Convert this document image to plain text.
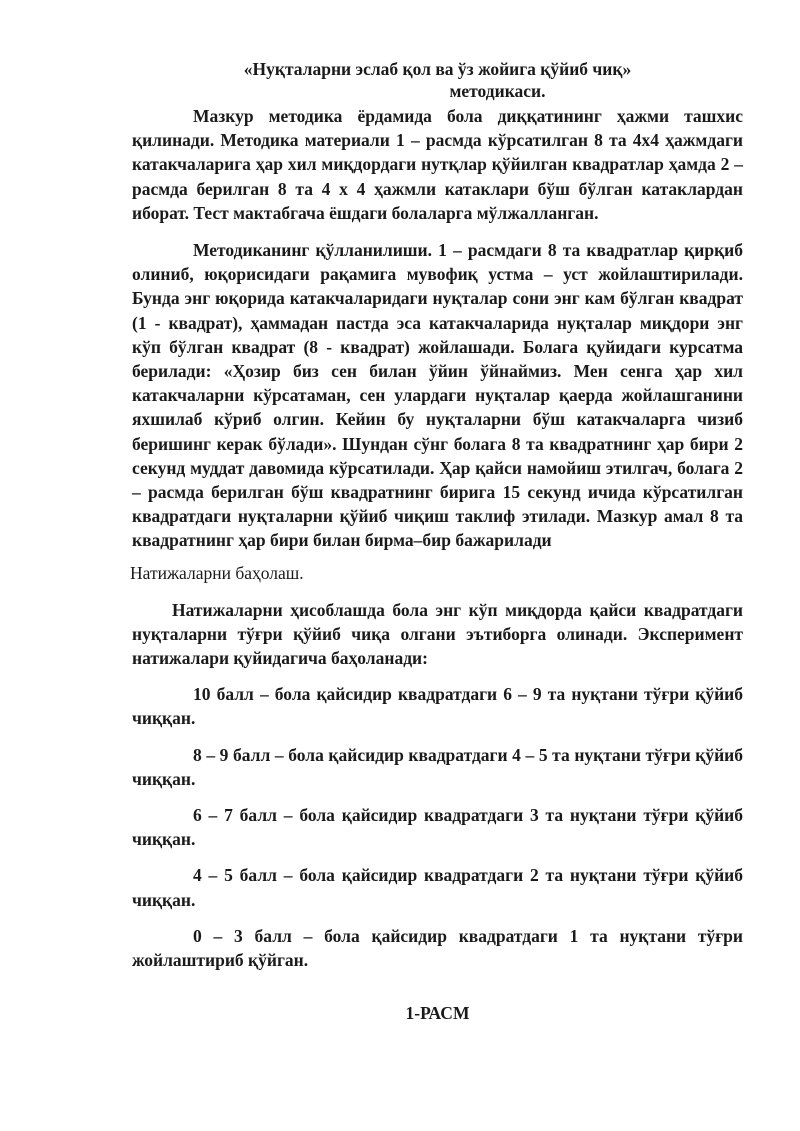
«Нуқталарни эслаб қол ва ўз жойига қўйиб чиқ»

методикаси.

Мазкур методика ёрдамида бола диққатининг ҳажми ташхис қилинади. Методика материали 1 – расмда кўрсатилган 8 та 4х4 ҳажмдаги катакчаларига ҳар хил миқдордаги нутқлар қўйилган квадратлар ҳамда 2 – расмда берилган 8 та 4 х 4 ҳажмли катаклари бўш бўлган катаклардан иборат. Тест мактабгача ёшдаги болаларга мўлжалланган.

Методиканинг қўлланилиши. 1 – расмдаги 8 та квадратлар қирқиб олиниб, юқорисидаги рақамига мувофиқ устма – уст жойлаштирилади. Бунда энг юқорида катакчаларидаги нуқталар сони энг кам бўлган квадрат (1 - квадрат), ҳаммадан пастда эса катакчаларида нуқталар миқдори энг кўп бўлган квадрат (8 - квадрат) жойлашади. Болага қуйидаги курсатма берилади: «Ҳозир биз сен билан ўйин ўйнаймиз. Мен сенга ҳар хил катакчаларни кўрсатаман, сен улардаги нуқталар қаерда жойлашганини яхшилаб кўриб олгин. Кейин бу нуқталарни бўш катакчаларга чизиб беришинг керак бўлади». Шундан сўнг болага 8 та квадратнинг ҳар бири 2 секунд муддат давомида кўрсатилади. Ҳар қайси намойиш этилгач, болага 2 – расмда берилган бўш квадратнинг бирига 15 секунд ичида кўрсатилган квадратдаги нуқталарни қўйиб чиқиш таклиф этилади. Мазкур амал 8 та квадратнинг ҳар бири билан бирма–бир бажарилади

Натижаларни баҳолаш.

Натижаларни ҳисоблашда бола энг кўп миқдорда қайси квадратдаги нуқталарни тўғри қўйиб чиқа олгани эътиборга олинади. Эксперимент натижалари қуйидагича баҳоланади:

10 балл – бола қайсидир квадратдаги 6 – 9 та нуқтани тўғри қўйиб чиққан.

8 – 9 балл – бола қайсидир квадратдаги 4 – 5 та нуқтани тўғри қўйиб чиққан.

6 – 7 балл – бола қайсидир квадратдаги 3 та нуқтани тўғри қўйиб чиққан.

4 – 5 балл – бола қайсидир квадратдаги 2 та нуқтани тўғри қўйиб чиққан.

0 – 3 балл – бола қайсидир квадратдаги 1 та нуқтани тўғри жойлаштириб қўйган.

1-РАСМ
